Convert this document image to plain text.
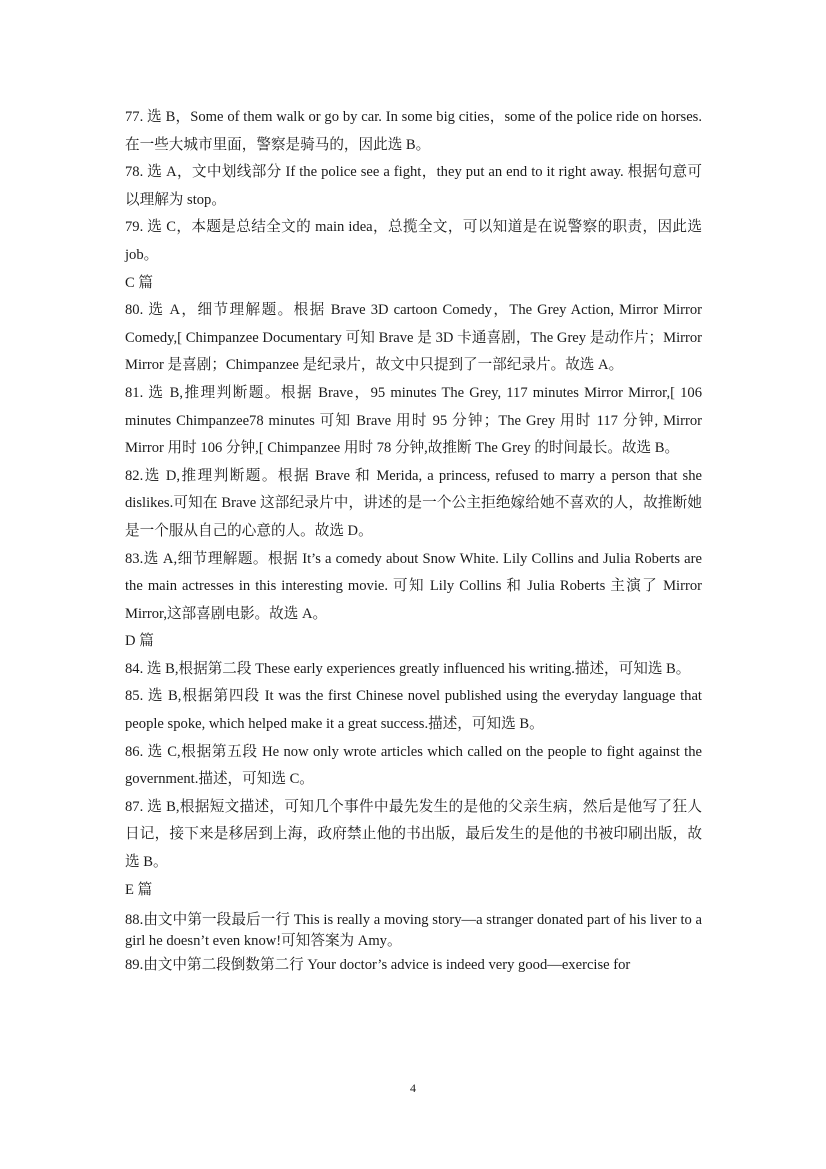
77. 选 B，Some of them walk or go by car. In some big cities，some of the police ride on horses.在一些大城市里面，警察是骑马的，因此选 B。

78. 选 A，文中划线部分 If the police see a fight，they put an end to it right away. 根据句意可以理解为 stop。

79. 选 C，本题是总结全文的 main idea，总揽全文，可以知道是在说警察的职责，因此选 job。

C 篇

80. 选 A，细节理解题。根据 Brave 3D cartoon Comedy，The Grey Action, Mirror Mirror Comedy,[ Chimpanzee Documentary 可知 Brave 是 3D 卡通喜剧，The Grey 是动作片；Mirror Mirror 是喜剧；Chimpanzee 是纪录片，故文中只提到了一部纪录片。故选 A。

81. 选 B,推理判断题。根据 Brave，95 minutes The Grey, 117 minutes Mirror Mirror,[ 106 minutes Chimpanzee78 minutes 可知 Brave 用时 95 分钟；The Grey 用时 117 分钟, Mirror Mirror 用时 106 分钟,[ Chimpanzee 用时 78 分钟,故推断 The Grey 的时间最长。故选 B。

82.选 D,推理判断题。根据 Brave 和 Merida, a princess, refused to marry a person that she dislikes.可知在 Brave 这部纪录片中，讲述的是一个公主拒绝嫁给她不喜欢的人，故推断她是一个服从自己的心意的人。故选 D。

83.选 A,细节理解题。根据 It’s a comedy about Snow White. Lily Collins and Julia Roberts are the main actresses in this interesting movie. 可知 Lily Collins 和 Julia Roberts 主演了 Mirror Mirror,这部喜剧电影。故选 A。

D 篇

84. 选 B,根据第二段 These early experiences greatly influenced his writing.描述，可知选 B。

85. 选 B,根据第四段 It was the first Chinese novel published using the everyday language that people spoke, which helped make it a great success.描述，可知选 B。

86. 选 C,根据第五段 He now only wrote articles which called on the people to fight against the government.描述，可知选 C。

87. 选 B,根据短文描述，可知几个事件中最先发生的是他的父亲生病，然后是他写了狂人日记，接下来是移居到上海，政府禁止他的书出版，最后发生的是他的书被印刷出版，故选 B。

E 篇

88.由文中第一段最后一行 This is really a moving story—a stranger donated part of his liver to a girl he doesn’t even know!可知答案为 Amy。

89.由文中第二段倒数第二行 Your doctor’s advice is indeed very good—exercise for

4
